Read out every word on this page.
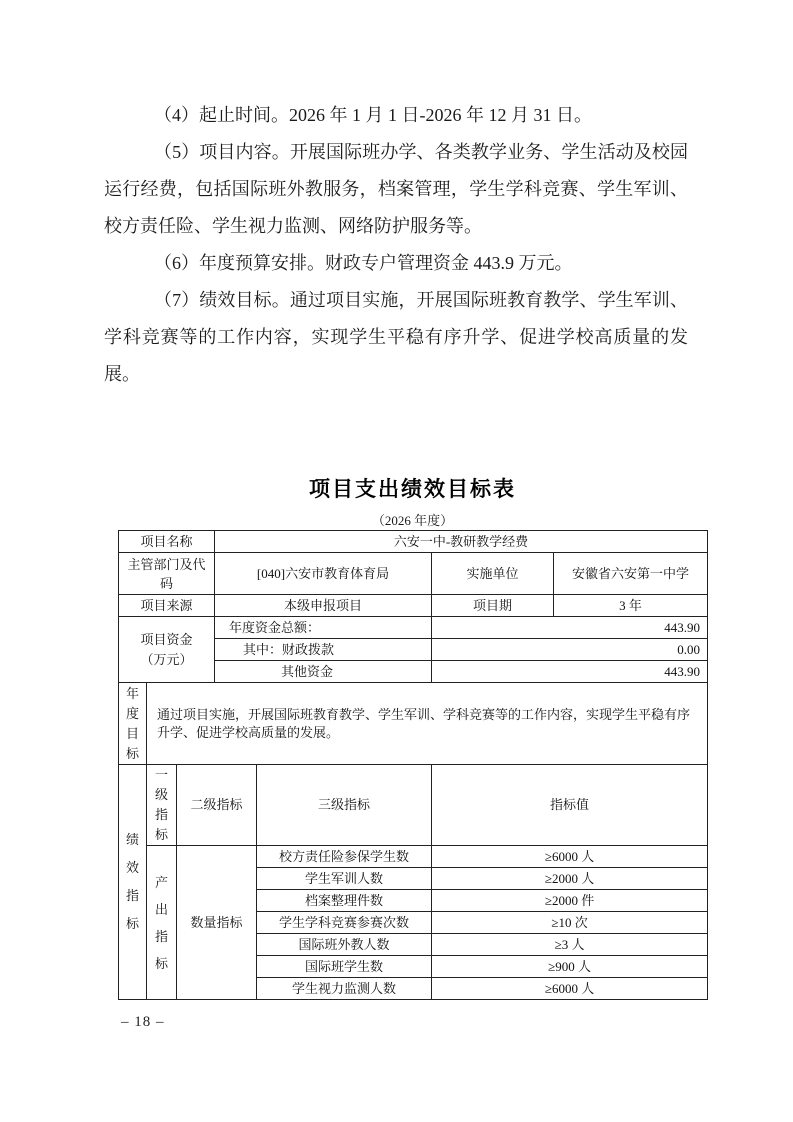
（4）起止时间。2026 年 1 月 1 日-2026 年 12 月 31 日。

（5）项目内容。开展国际班办学、各类教学业务、学生活动及校园运行经费，包括国际班外教服务，档案管理，学生学科竞赛、学生军训、校方责任险、学生视力监测、网络防护服务等。

（6）年度预算安排。财政专户管理资金 443.9 万元。

（7）绩效目标。通过项目实施，开展国际班教育教学、学生军训、学科竞赛等的工作内容，实现学生平稳有序升学、促进学校高质量的发展。

项目支出绩效目标表
（2026 年度）
项目名称			六安一中-教研教学经费			
主管部门及代码			[040]六安市教育体育局		实施单位	安徽省六安第一中学
项目来源			本级申报项目		项目期	3 年

项目资金
（万元）			年度资金总额：		443.90	
			其中：财政拨款		0.00	
			其他资金		443.90	
年度目标	通过项目实施，开展国际班教育教学、学生军训、学科竞赛等的工作内容，实现学生平稳有序升学、促进学校高质量的发展。					
绩效指标	一级指标	二级指标		三级指标	指标值	
	产出指标	数量指标		校方责任险参保学生数	≥6000 人	
				学生军训人数	≥2000 人	
				档案整理件数	≥2000 件	
				学生学科竞赛参赛次数	≥10 次	
				国际班外教人数	≥3 人	
				国际班学生数	≥900 人	
				学生视力监测人数	≥6000 人	
– 18 –
